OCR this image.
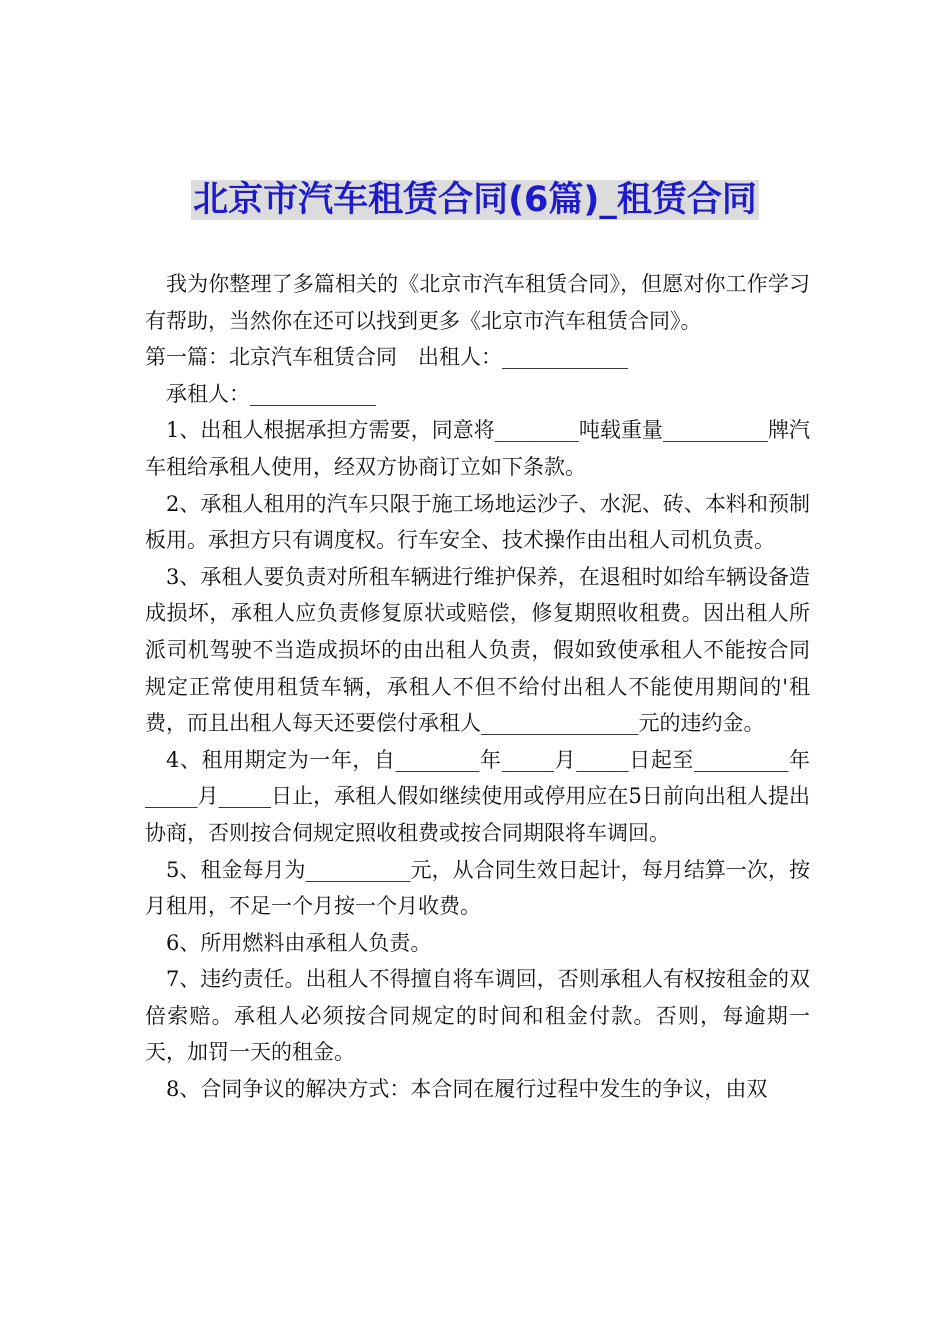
北京市汽车租赁合同(6篇)_租赁合同

我为你整理了多篇相关的《北京市汽车租赁合同》，但愿对你工作学习有帮助，当然你在还可以找到更多《北京市汽车租赁合同》。

第一篇：北京汽车租赁合同　出租人：____________

承租人：____________

1、出租人根据承担方需要，同意将________吨载重量__________牌汽车租给承租人使用，经双方协商订立如下条款。

2、承租人租用的汽车只限于施工场地运沙子、水泥、砖、本料和预制板用。承担方只有调度权。行车安全、技术操作由出租人司机负责。

3、承租人要负责对所租车辆进行维护保养，在退租时如给车辆设备造成损坏，承租人应负责修复原状或赔偿，修复期照收租费。因出租人所派司机驾驶不当造成损坏的由出租人负责，假如致使承租人不能按合同规定正常使用租赁车辆，承租人不但不给付出租人不能使用期间的'租费，而且出租人每天还要偿付承租人_______________元的违约金。

4、租用期定为一年，自________年_____月_____日起至_________年_____月_____日止，承租人假如继续使用或停用应在5日前向出租人提出协商，否则按合伺规定照收租费或按合同期限将车调回。

5、租金每月为__________元，从合同生效日起计，每月结算一次，按月租用，不足一个月按一个月收费。

6、所用燃料由承租人负责。

7、违约责任。出租人不得擅自将车调回，否则承租人有权按租金的双倍索赔。承租人必须按合同规定的时间和租金付款。否则，每逾期一天，加罚一天的租金。

8、合同争议的解决方式：本合同在履行过程中发生的争议，由双
